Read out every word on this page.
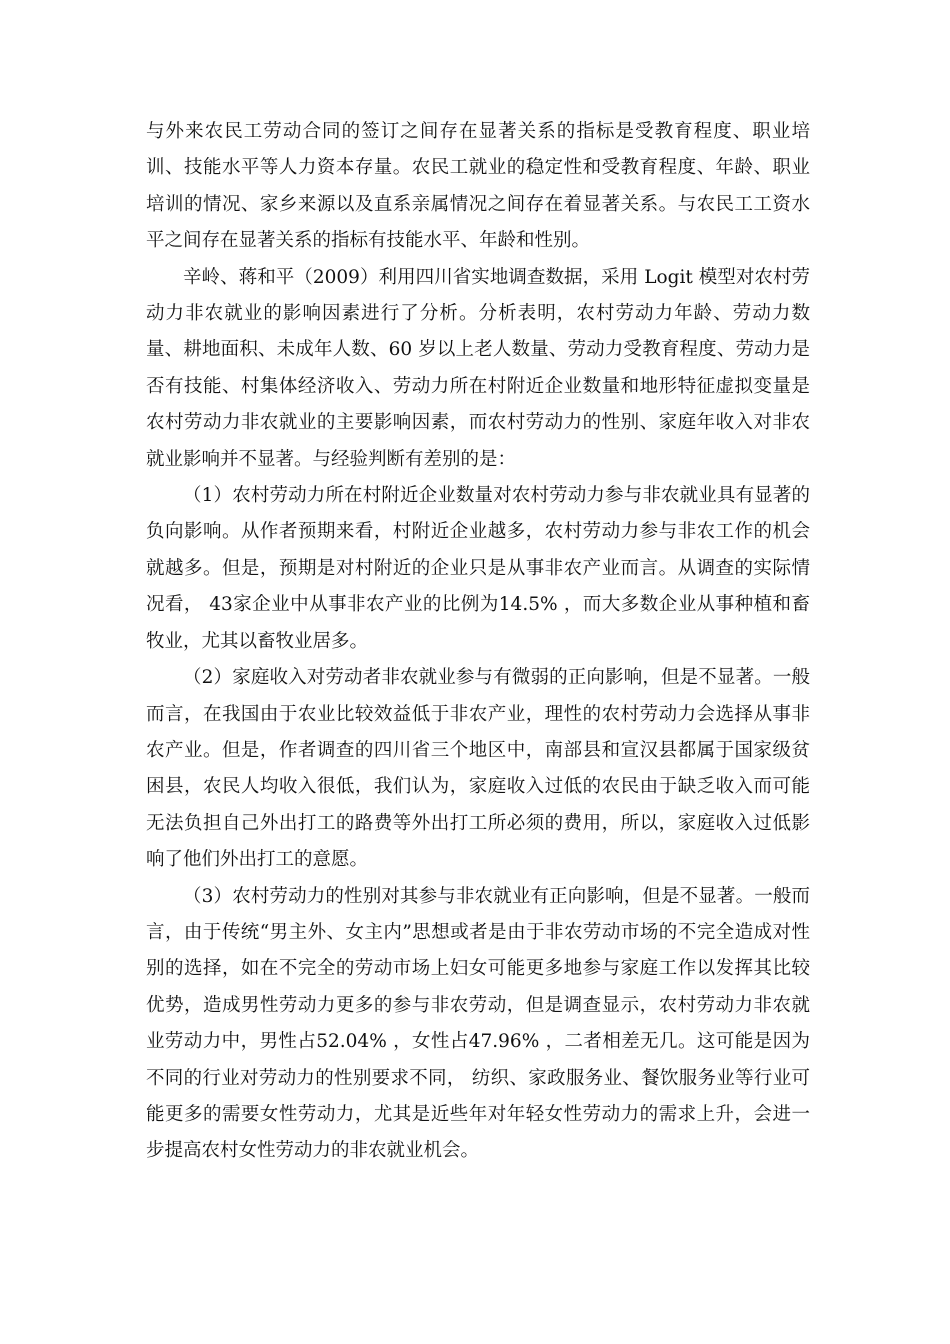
与外来农民工劳动合同的签订之间存在显著关系的指标是受教育程度、职业培训、技能水平等人力资本存量。农民工就业的稳定性和受教育程度、年龄、职业培训的情况、家乡来源以及直系亲属情况之间存在着显著关系。与农民工工资水平之间存在显著关系的指标有技能水平、年龄和性别。

辛岭、蒋和平（2009）利用四川省实地调查数据，采用 Logit 模型对农村劳动力非农就业的影响因素进行了分析。分析表明，农村劳动力年龄、劳动力数量、耕地面积、未成年人数、60 岁以上老人数量、劳动力受教育程度、劳动力是否有技能、村集体经济收入、劳动力所在村附近企业数量和地形特征虚拟变量是农村劳动力非农就业的主要影响因素，而农村劳动力的性别、家庭年收入对非农就业影响并不显著。与经验判断有差别的是：

（1）农村劳动力所在村附近企业数量对农村劳动力参与非农就业具有显著的负向影响。从作者预期来看，村附近企业越多，农村劳动力参与非农工作的机会就越多。但是，预期是对村附近的企业只是从事非农产业而言。从调查的实际情况看， 43家企业中从事非农产业的比例为14.5% ，而大多数企业从事种植和畜牧业，尤其以畜牧业居多。

（2）家庭收入对劳动者非农就业参与有微弱的正向影响，但是不显著。一般而言，在我国由于农业比较效益低于非农产业，理性的农村劳动力会选择从事非农产业。但是，作者调查的四川省三个地区中，南部县和宣汉县都属于国家级贫困县，农民人均收入很低，我们认为，家庭收入过低的农民由于缺乏收入而可能无法负担自己外出打工的路费等外出打工所必须的费用，所以，家庭收入过低影响了他们外出打工的意愿。

（3）农村劳动力的性别对其参与非农就业有正向影响，但是不显著。一般而言，由于传统“男主外、女主内”思想或者是由于非农劳动市场的不完全造成对性别的选择，如在不完全的劳动市场上妇女可能更多地参与家庭工作以发挥其比较优势，造成男性劳动力更多的参与非农劳动，但是调查显示，农村劳动力非农就业劳动力中，男性占52.04% ，女性占47.96% ，二者相差无几。这可能是因为不同的行业对劳动力的性别要求不同， 纺织、家政服务业、餐饮服务业等行业可能更多的需要女性劳动力，尤其是近些年对年轻女性劳动力的需求上升，会进一步提高农村女性劳动力的非农就业机会。
